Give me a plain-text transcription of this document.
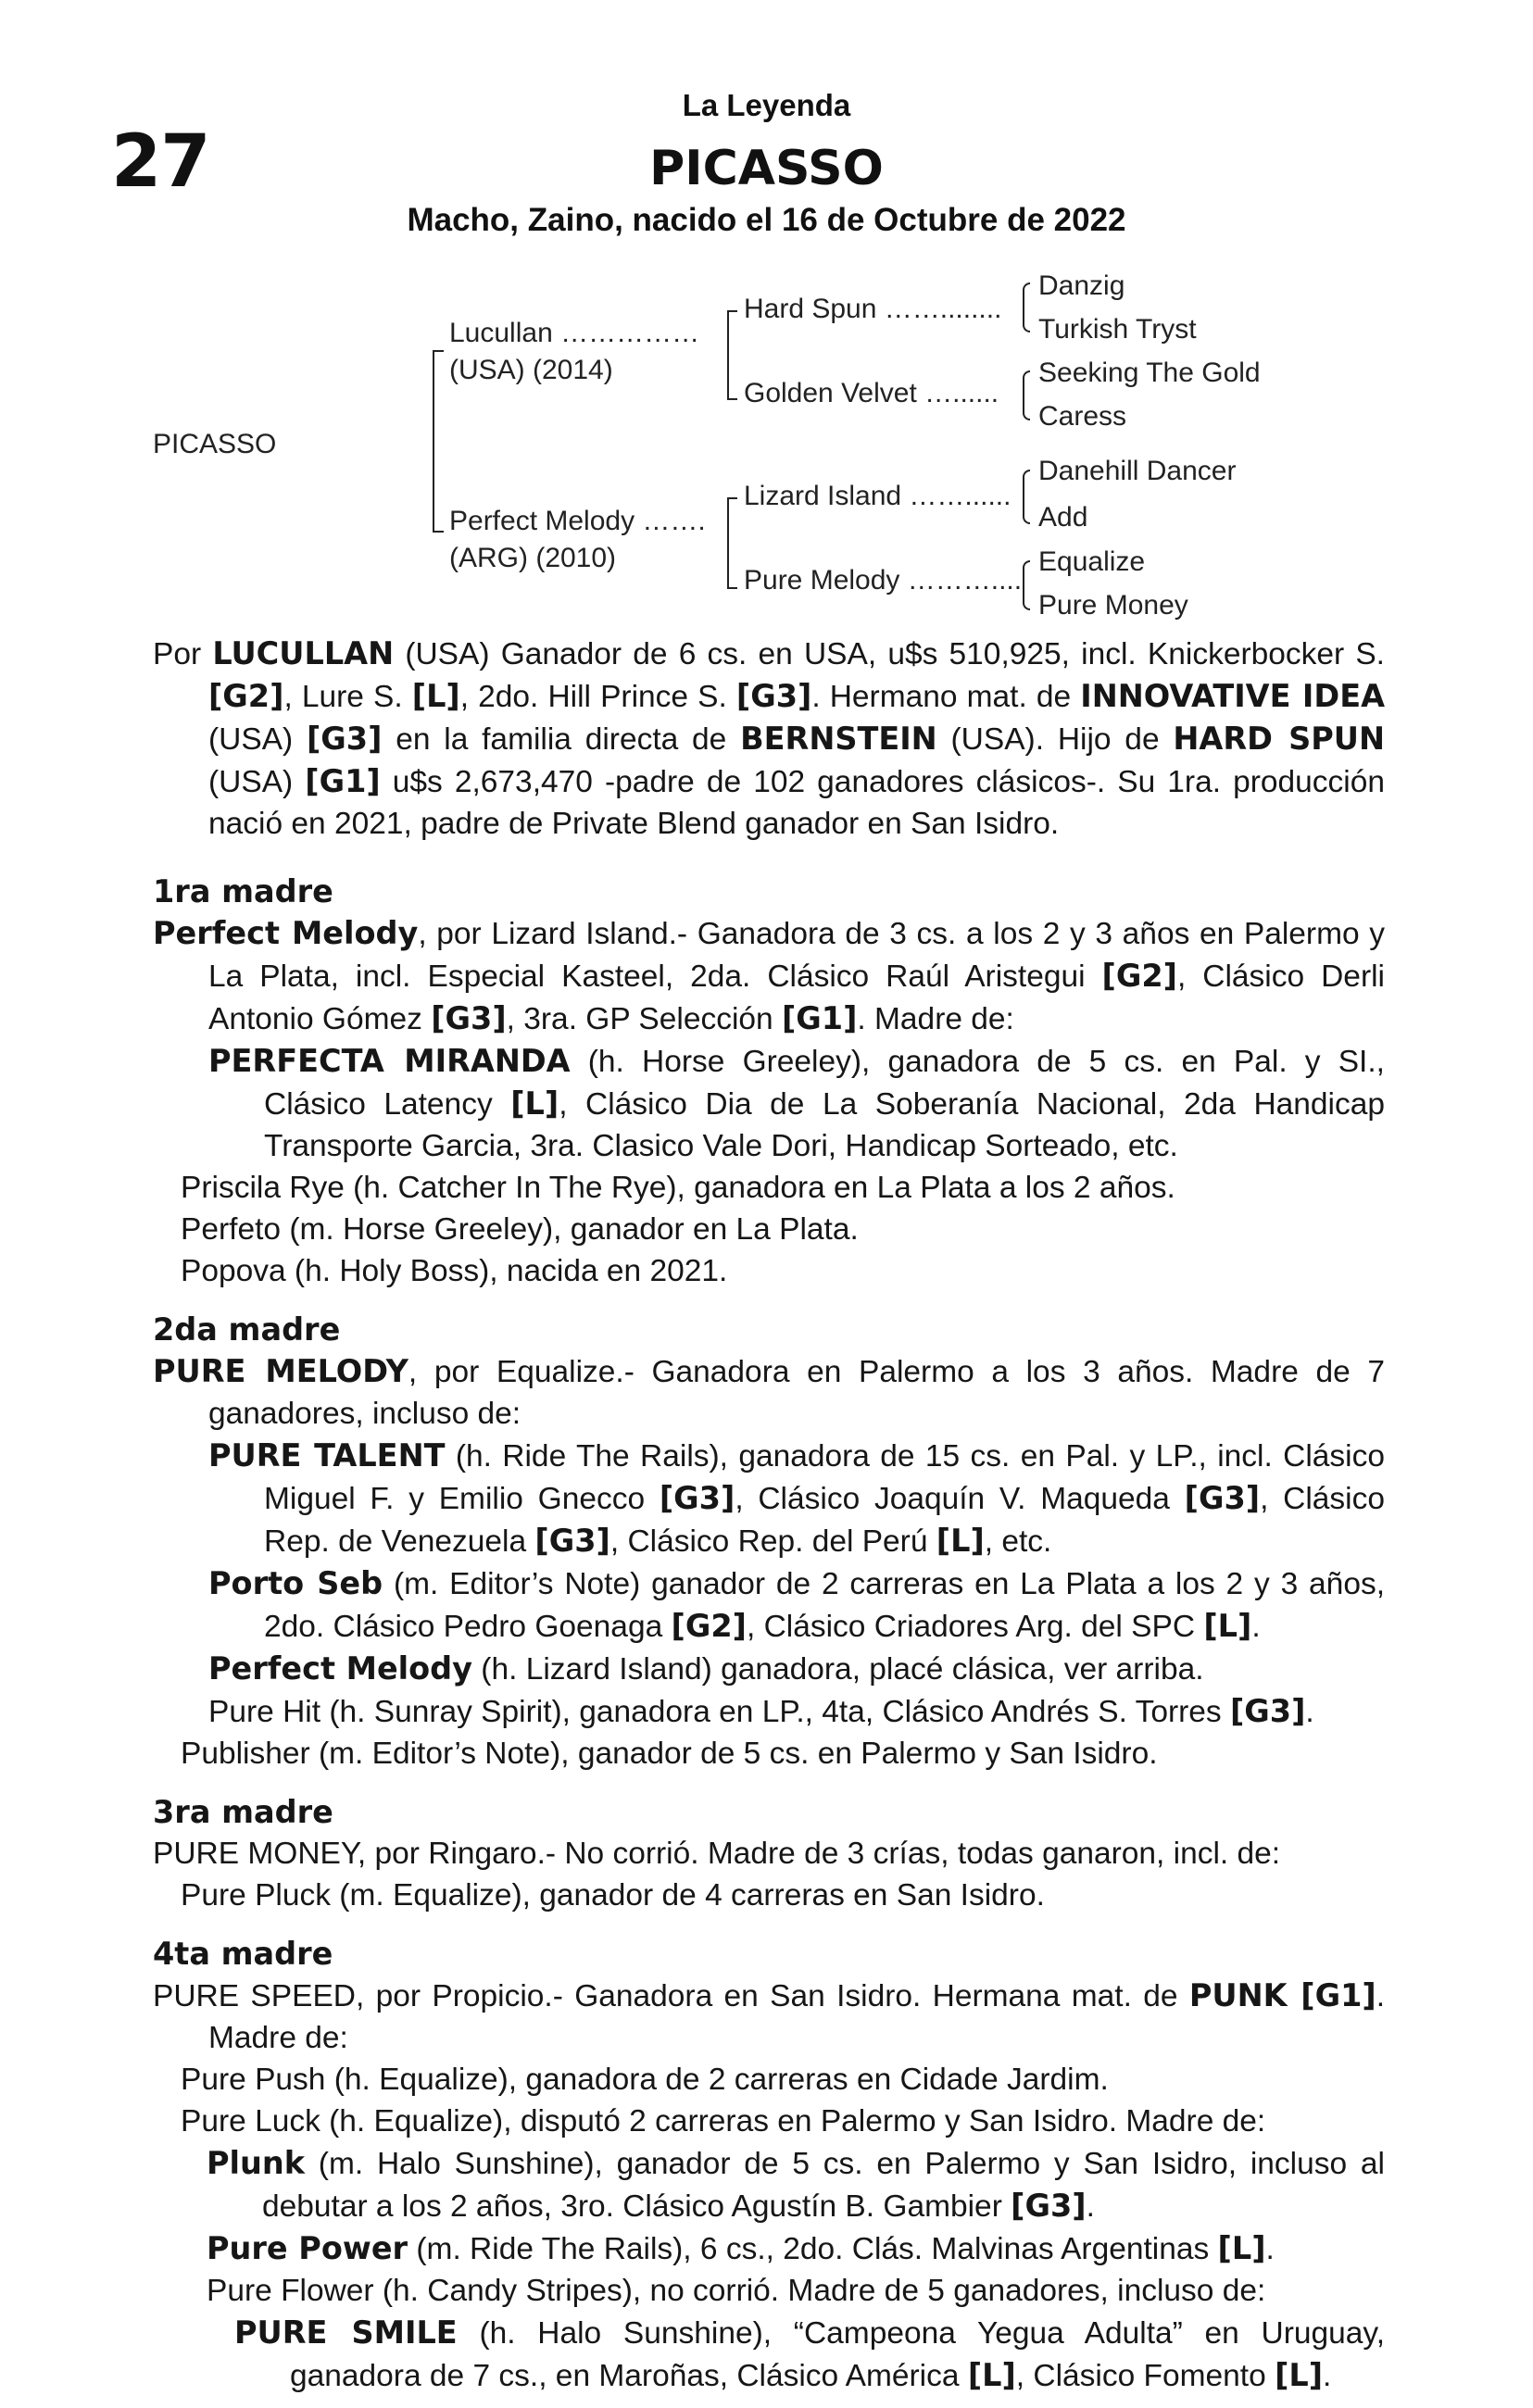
27
La Leyenda
PICASSO
Macho, Zaino, nacido el 16 de Octubre de 2022
PICASSO
Lucullan ……………
(USA) (2014)
Perfect Melody …….
(ARG) (2010)
Hard Spun ……........
Golden Velvet …......
Lizard Island ……......
Pure Melody ………....
Danzig
Turkish Tryst
Seeking The Gold
Caress
Danehill Dancer
Add
Equalize
Pure Money

Por LUCULLAN (USA) Ganador de 6 cs. en USA, u$s 510,925, incl. Knickerbocker S. [G2], Lure S. [L], 2do. Hill Prince S. [G3]. Hermano mat. de INNOVATIVE IDEA (USA) [G3] en la familia directa de BERNSTEIN (USA). Hijo de HARD SPUN (USA) [G1] u$s 2,673,470 -padre de 102 ganadores clásicos-. Su 1ra. producción nació en 2021, padre de Private Blend ganador en San Isidro.

1ra madre

Perfect Melody, por Lizard Island.- Ganadora de 3 cs. a los 2 y 3 años en Palermo y La Plata, incl. Especial Kasteel, 2da. Clásico Raúl Aristegui [G2], Clásico Derli Antonio Gómez [G3], 3ra. GP Selección [G1]. Madre de:

PERFECTA MIRANDA (h. Horse Greeley), ganadora de 5 cs. en Pal. y SI., Clásico Latency [L], Clásico Dia de La Soberanía Nacional, 2da Handicap Transporte Garcia, 3ra. Clasico Vale Dori, Handicap Sorteado, etc.

Priscila Rye (h. Catcher In The Rye), ganadora en La Plata a los 2 años.

Perfeto (m. Horse Greeley), ganador en La Plata.

Popova (h. Holy Boss), nacida en 2021.

2da madre

PURE MELODY, por Equalize.- Ganadora en Palermo a los 3 años. Madre de 7 ganadores, incluso de:

PURE TALENT (h. Ride The Rails), ganadora de 15 cs. en Pal. y LP., incl. Clásico Miguel F. y Emilio Gnecco [G3], Clásico Joaquín V. Maqueda [G3], Clásico Rep. de Venezuela [G3], Clásico Rep. del Perú [L], etc.

Porto Seb (m. Editor’s Note) ganador de 2 carreras en La Plata a los 2 y 3 años, 2do. Clásico Pedro Goenaga [G2], Clásico Criadores Arg. del SPC [L].

Perfect Melody (h. Lizard Island) ganadora, placé clásica, ver arriba.

Pure Hit (h. Sunray Spirit), ganadora en LP., 4ta, Clásico Andrés S. Torres [G3].

Publisher (m. Editor’s Note), ganador de 5 cs. en Palermo y San Isidro.

3ra madre

PURE MONEY, por Ringaro.- No corrió. Madre de 3 crías, todas ganaron, incl. de:

Pure Pluck (m. Equalize), ganador de 4 carreras en San Isidro.

4ta madre

PURE SPEED, por Propicio.- Ganadora en San Isidro. Hermana mat. de PUNK [G1]. Madre de:

Pure Push (h. Equalize), ganadora de 2 carreras en Cidade Jardim.

Pure Luck (h. Equalize), disputó 2 carreras en Palermo y San Isidro. Madre de:

Plunk (m. Halo Sunshine), ganador de 5 cs. en Palermo y San Isidro, incluso al debutar a los 2 años, 3ro. Clásico Agustín B. Gambier [G3].

Pure Power (m. Ride The Rails), 6 cs., 2do. Clás. Malvinas Argentinas [L].

Pure Flower (h. Candy Stripes), no corrió. Madre de 5 ganadores, incluso de:

PURE SMILE (h. Halo Sunshine), “Campeona Yegua Adulta” en Uruguay, ganadora de 7 cs., en Maroñas, Clásico América [L], Clásico Fomento [L].
